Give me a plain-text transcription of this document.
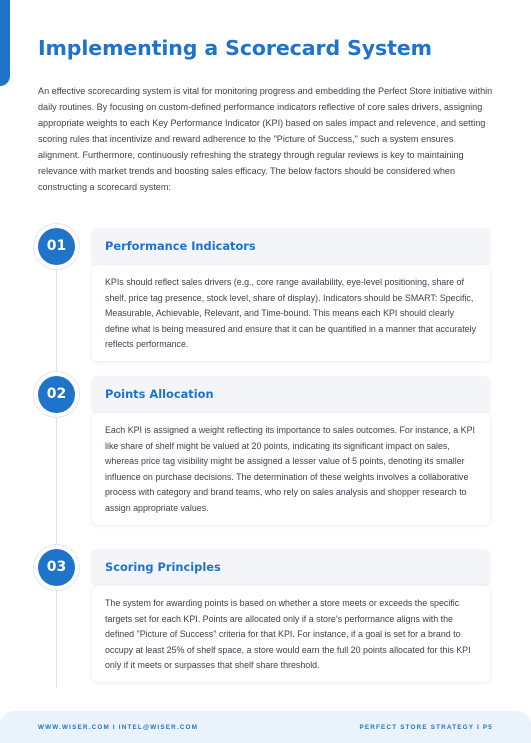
Implementing a Scorecard System

An effective scorecarding system is vital for monitoring progress and embedding the Perfect Store initiative within daily routines. By focusing on custom-defined performance indicators reflective of core sales drivers, assigning appropriate weights to each Key Performance Indicator (KPI) based on sales impact and relevence, and setting scoring rules that incentivize and reward adherence to the "Picture of Success," such a system ensures alignment. Furthermore, continuously refreshing the strategy through regular reviews is key to maintaining relevance with market trends and boosting sales efficacy. The below factors should be considered when constructing a scorecard system:

01	Performance Indicators
KPIs should reflect sales drivers (e.g., core range availability, eye-level positioning, share of shelf, price tag presence, stock level, share of display). Indicators should be SMART: Specific, Measurable, Achievable, Relevant, and Time-bound. This means each KPI should clearly define what is being measured and ensure that it can be quantified in a manner that accurately reflects performance.
02	Points Allocation
Each KPI is assigned a weight reflecting its importance to sales outcomes. For instance, a KPI like share of shelf might be valued at 20 points, indicating its significant impact on sales, whereas price tag visibility might be assigned a lesser value of 5 points, denoting its smaller influence on purchase decisions. The determination of these weights involves a collaborative process with category and brand teams, who rely on sales analysis and shopper research to assign appropriate values.
03	Scoring Principles
The system for awarding points is based on whether a store meets or exceeds the specific targets set for each KPI. Points are allocated only if a store's performance aligns with the defined "Picture of Success" criteria for that KPI. For instance, if a goal is set for a brand to occupy at least 25% of shelf space, a store would earn the full 20 points allocated for this KPI only if it meets or surpasses that shelf share threshold.
WWW.WISER.COM I INTEL@WISER.COM	PERFECT STORE STRATEGY I P5
